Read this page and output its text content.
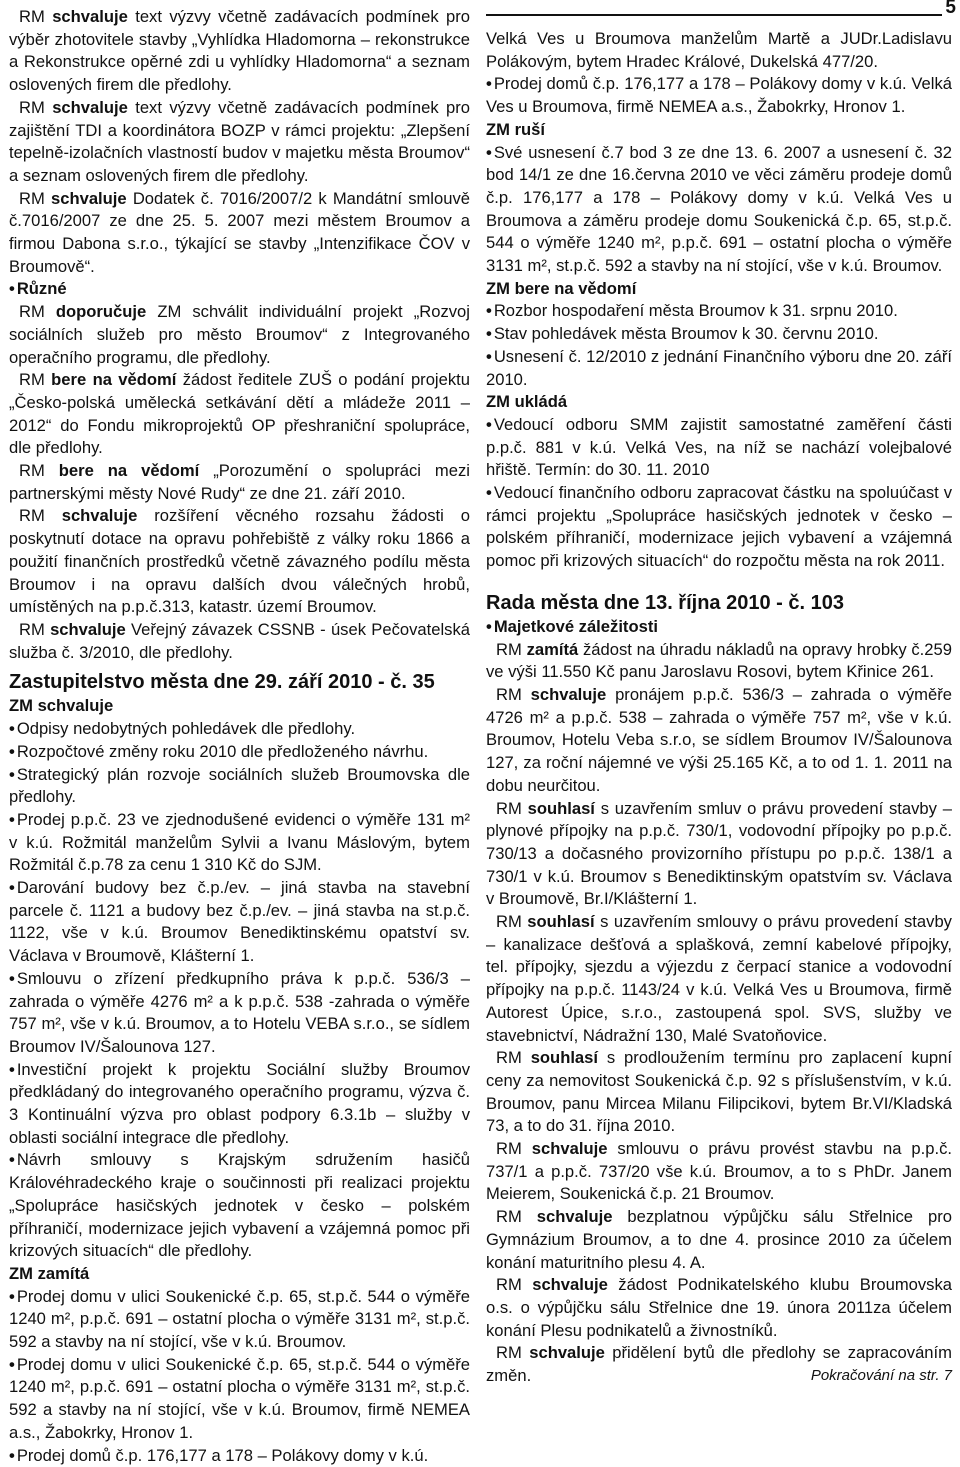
5

RM schvaluje text výzvy včetně zadávacích podmínek pro výběr zhotovitele stavby „Vyhlídka Hladomorna – rekonstrukce a Rekonstrukce opěrné zdi u vyhlídky Hladomorna“ a seznam oslovených firem dle předlohy.

RM schvaluje text výzvy včetně zadávacích podmínek pro zajištění TDI a koordinátora BOZP v rámci projektu: „Zlepšení tepelně-izolačních vlastností budov v majetku města Broumov“ a seznam oslovených firem dle předlohy.

RM schvaluje Dodatek č. 7016/2007/2 k Mandátní smlouvě č.7016/2007 ze dne 25. 5. 2007 mezi městem Broumov a firmou Dabona s.r.o., týkající se stavby „Intenzifikace ČOV v Broumově“.

• Různé

RM doporučuje ZM schválit individuální projekt „Rozvoj sociálních služeb pro město Broumov“ z Integrovaného operačního programu, dle předlohy.

RM bere na vědomí žádost ředitele ZUŠ o podání projektu „Česko-polská umělecká setkávání dětí a mládeže 2011 – 2012“ do Fondu mikroprojektů OP přeshraniční spolupráce, dle předlohy.

RM bere na vědomí „Porozumění o spolupráci mezi partnerskými městy Nové Rudy“ ze dne 21. září 2010.

RM schvaluje rozšíření věcného rozsahu žádosti o poskytnutí dotace na opravu pohřebiště z války roku 1866 a použití finančních prostředků včetně závazného podílu města Broumov i na opravu dalších dvou válečných hrobů, umístěných na p.p.č.313, katastr. území Broumov.

RM schvaluje Veřejný závazek CSSNB - úsek Pečovatelská služba č. 3/2010, dle předlohy.

Zastupitelstvo města dne 29. září 2010 - č. 35
ZM schvaluje

• Odpisy nedobytných pohledávek dle předlohy.

• Rozpočtové změny roku 2010 dle předloženého návrhu.

• Strategický plán rozvoje sociálních služeb Broumovska dle předlohy.

• Prodej p.p.č. 23 ve zjednodušené evidenci o výměře 131 m² v k.ú. Rožmitál manželům Sylvii a Ivanu Máslovým, bytem Rožmitál č.p.78 za cenu 1 310 Kč do SJM.

• Darování budovy bez č.p./ev. – jiná stavba na stavební parcele č. 1121 a budovy bez č.p./ev. – jiná stavba na st.p.č. 1122, vše v k.ú. Broumov Benediktinskému opatství sv. Václava v Broumově, Klášterní 1.

• Smlouvu o zřízení předkupního práva k p.p.č. 536/3 – zahrada o výměře 4276 m² a k p.p.č. 538 -zahrada o výměře 757 m², vše v k.ú. Broumov, a to Hotelu VEBA s.r.o., se sídlem Broumov IV/Šalounova 127.

• Investiční projekt k projektu Sociální služby Broumov předkládaný do integrovaného operačního programu, výzva č. 3 Kontinuální výzva pro oblast podpory 6.3.1b – služby v oblasti sociální integrace dle předlohy.

• Návrh smlouvy s Krajským sdružením hasičů Královéhradeckého kraje o součinnosti při realizaci projektu „Spolupráce hasičských jednotek v česko – polském příhraničí, modernizace jejich vybavení a vzájemná pomoc při krizových situacích“ dle předlohy.

ZM zamítá

• Prodej domu v ulici Soukenické č.p. 65, st.p.č. 544 o výměře 1240 m², p.p.č. 691 – ostatní plocha o výměře 3131 m², st.p.č. 592 a stavby na ní stojící, vše v k.ú. Broumov.

• Prodej domu v ulici Soukenické č.p. 65, st.p.č. 544 o výměře 1240 m², p.p.č. 691 – ostatní plocha o výměře 3131 m², st.p.č. 592 a stavby na ní stojící, vše v k.ú. Broumov, firmě NEMEA a.s., Žabokrky, Hronov 1.

• Prodej domů č.p. 176,177 a 178 – Polákovy domy v k.ú.

Velká Ves u Broumova manželům Martě a JUDr.Ladislavu Polákovým, bytem Hradec Králové, Dukelská 477/20.

• Prodej domů č.p. 176,177 a 178 – Polákovy domy v k.ú. Velká Ves u Broumova, firmě NEMEA a.s., Žabokrky, Hronov 1.

ZM ruší

• Své usnesení č.7 bod 3 ze dne 13. 6. 2007 a usnesení č. 32 bod 14/1 ze dne 16.června 2010 ve věci záměru prodeje domů č.p. 176,177 a 178 – Polákovy domy v k.ú. Velká Ves u Broumova a záměru prodeje domu Soukenická č.p. 65, st.p.č. 544 o výměře 1240 m², p.p.č. 691 – ostatní plocha o výměře 3131 m², st.p.č. 592 a stavby na ní stojící, vše v k.ú. Broumov.

ZM bere na vědomí

• Rozbor hospodaření města Broumov k 31. srpnu 2010.

• Stav pohledávek města Broumov k 30. červnu 2010.

• Usnesení č. 12/2010 z jednání Finančního výboru dne 20. září 2010.

ZM ukládá

• Vedoucí odboru SMM zajistit samostatné zaměření části p.p.č. 881 v k.ú. Velká Ves, na níž se nachází volejbalové hřiště. Termín: do 30. 11. 2010

• Vedoucí finančního odboru zapracovat částku na spoluúčast v rámci projektu „Spolupráce hasičských jednotek v česko – polském příhraničí, modernizace jejich vybavení a vzájemná pomoc při krizových situacích“ do rozpočtu města na rok 2011.

Rada města dne 13. října 2010 - č. 103

• Majetkové záležitosti

RM zamítá žádost na úhradu nákladů na opravy hrobky č.259 ve výši 11.550 Kč panu Jaroslavu Rosovi, bytem Křinice 261.

RM schvaluje pronájem p.p.č. 536/3 – zahrada o výměře 4726 m² a p.p.č. 538 – zahrada o výměře 757 m², vše v k.ú. Broumov, Hotelu Veba s.r.o, se sídlem Broumov IV/Šalounova 127, za roční nájemné ve výši 25.165 Kč, a to od 1. 1. 2011 na dobu neurčitou.

RM souhlasí s uzavřením smluv o právu provedení stavby – plynové přípojky na p.p.č. 730/1, vodovodní přípojky po p.p.č. 730/13 a dočasného provizorního přístupu po p.p.č. 138/1 a 730/1 v k.ú. Broumov s Benediktinským opatstvím sv. Václava v Broumově, Br.I/Klášterní 1.

RM souhlasí s uzavřením smlouvy o právu provedení stavby – kanalizace dešťová a splašková, zemní kabelové přípojky, tel. přípojky, sjezdu a výjezdu z čerpací stanice a vodovodní přípojky na p.p.č. 1143/24 v k.ú. Velká Ves u Broumova, firmě Autorest Úpice, s.r.o., zastoupená spol. SVS, služby ve stavebnictví, Nádražní 130, Malé Svatoňovice.

RM souhlasí s prodloužením termínu pro zaplacení kupní ceny za nemovitost Soukenická č.p. 92 s příslušenstvím, v k.ú. Broumov, panu Mircea Milanu Filipcikovi, bytem Br.VI/Kladská 73, a to do 31. října 2010.

RM schvaluje smlouvu o právu provést stavbu na p.p.č. 737/1 a p.p.č. 737/20 vše k.ú. Broumov, a to s PhDr. Janem Meierem, Soukenická č.p. 21 Broumov.

RM schvaluje bezplatnou výpůjčku sálu Střelnice pro Gymnázium Broumov, a to dne 4. prosince 2010 za účelem konání maturitního plesu 4. A.

RM schvaluje žádost Podnikatelského klubu Broumovska o.s. o výpůjčku sálu Střelnice dne 19. února 2011za účelem konání Plesu podnikatelů a živnostníků.

RM schvaluje přidělení bytů dle předlohy se zapracováním změn.	Pokračování na str. 7
